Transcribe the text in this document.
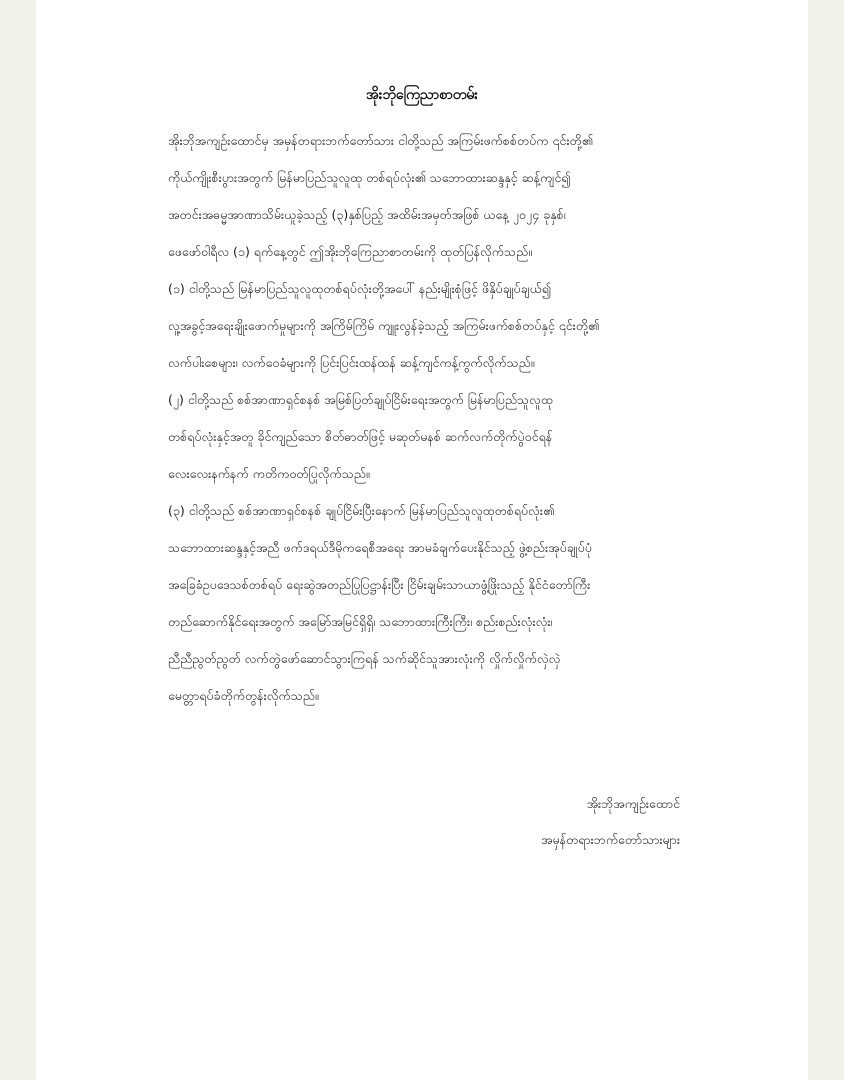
အိုးဘိုကြေညာစာတမ်း
အိုးဘိုအကျဉ်းထောင်မှ အမှန်တရားဘက်တော်သား ငါတို့သည် အကြမ်းဖက်စစ်တပ်က ၎င်းတို့၏
ကိုယ်ကျိုးစီးပွားအတွက် မြန်မာပြည်သူလူထု တစ်ရပ်လုံး၏ သဘောထားဆန္ဒနှင့် ဆန့်ကျင်၍
အတင်းအဓမ္မအာဏာသိမ်းယူခဲ့သည့် (၃)နှစ်ပြည့် အထိမ်းအမှတ်အဖြစ် ယနေ့ ၂၀၂၄ ခုနှစ်၊
ဖေဖော်ဝါရီလ (၁) ရက်နေ့တွင် ဤအိုးဘိုကြေညာစာတမ်းကို ထုတ်ပြန်လိုက်သည်။
(၁) ငါတို့သည် မြန်မာပြည်သူလူထုတစ်ရပ်လုံးတို့အပေါ် နည်းမျိုးစုံဖြင့် ဖိနှိပ်ချုပ်ချယ်၍
လူ့အခွင့်အရေးချိုးဖောက်မှုများကို အကြိမ်ကြိမ် ကျူးလွန်ခဲ့သည့် အကြမ်းဖက်စစ်တပ်နှင့် ၎င်းတို့၏
လက်ပါးစေများ၊ လက်ဝေခံများကို ပြင်းပြင်းထန်ထန် ဆန့်ကျင်ကန့်ကွက်လိုက်သည်။
(၂) ငါတို့သည် စစ်အာဏာရှင်စနစ် အမြစ်ပြတ်ချုပ်ငြိမ်းရေးအတွက် မြန်မာပြည်သူလူထု
တစ်ရပ်လုံးနှင့်အတူ ခိုင်ကျည်သော စိတ်ဓာတ်ဖြင့် မဆုတ်မနစ် ဆက်လက်တိုက်ပွဲဝင်ရန်
လေးလေးနက်နက် ကတိကဝတ်ပြုလိုက်သည်။
(၃) ငါတို့သည် စစ်အာဏာရှင်စနစ် ချုပ်ငြိမ်းပြီးနောက် မြန်မာပြည်သူလူထုတစ်ရပ်လုံး၏
သဘောထားဆန္ဒနှင့်အညီ ဖက်ဒရယ်ဒီမိုကရေစီအရေး အာမခံချက်ပေးနိုင်သည့် ဖွဲ့စည်းအုပ်ချုပ်ပုံ
အခြေခံဥပဒေသစ်တစ်ရပ် ရေးဆွဲအတည်ပြုပြဋ္ဌာန်းပြီး ငြိမ်းချမ်းသာယာဖွံ့ဖြိုးသည့် နိုင်ငံတော်ကြီး
တည်ဆောက်နိုင်ရေးအတွက် အမြော်အမြင်ရှိရှိ၊ သဘောထားကြီးကြီး၊ စည်းစည်းလုံးလုံး၊
ညီညီညွတ်ညွတ် လက်တွဲဖော်ဆောင်သွားကြရန် သက်ဆိုင်သူအားလုံးကို လှိုက်လှိုက်လှဲလှဲ
မေတ္တာရပ်ခံတိုက်တွန်းလိုက်သည်။
အိုးဘိုအကျဉ်းထောင်
အမှန်တရားဘက်တော်သားများ
